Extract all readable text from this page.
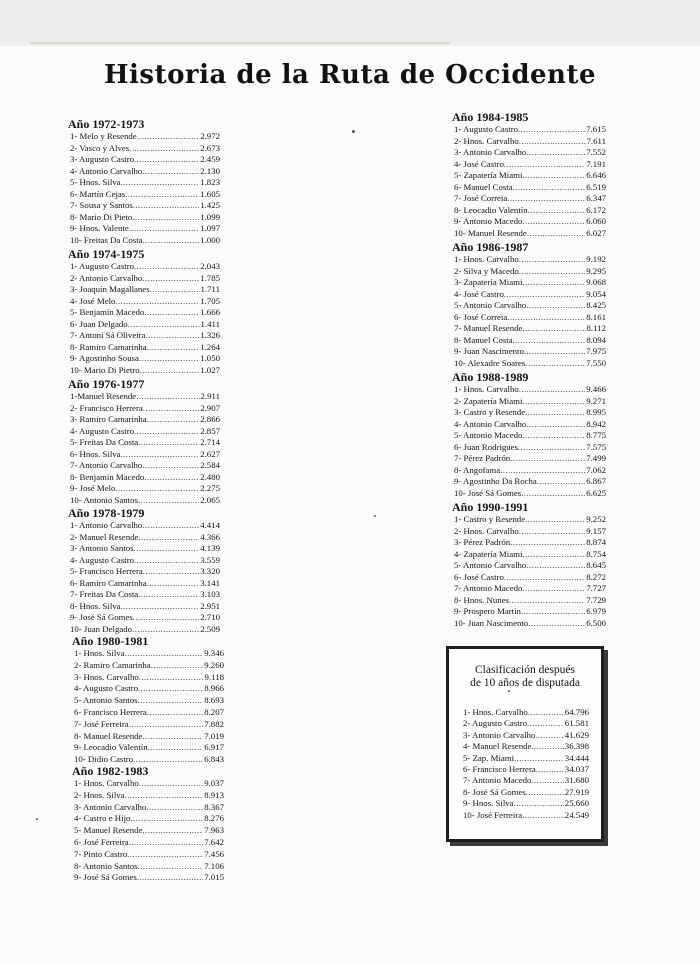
Historia de la Ruta de Occidente
Año 1972-1973
1- Melo y Resende .....	2.972
2- Vasco y Alves .....	2.673
3- Augusto Castro .....	2.459
4- Antonio Carvalho .....	2.130
5- Hnos. Silva .....	1.823
6- Martín Cejas .....	1.605
7- Sousa y Santos .....	1.425
8- Mario Di Pieto .....	1.099
9- Hnos. Valente .....	1.097
10- Freitas Da Costa .....	1.000
Año 1974-1975
1- Augusto Castro .....	2.043
2- Antonio Carvalho .....	1.785
3- Joaquín Magallanes .....	1.711
4- José Melo .....	1.705
5- Benjamín Macedo .....	1.666
6- Juan Delgado .....	1.411
7- Antoni Sá Oliveira .....	1.326
8- Ramiro Camarinha .....	1.264
9- Agostinho Sousa .....	1.050
10- Mario Di Pietro .....	1.027
Año 1976-1977
1-Manuel Resende .....	2.911
2- Francisco Herrera .....	2.907
3- Ramiro Camarinha .....	2.866
4- Augusto Castro .....	2.857
5- Freitas Da Costa .....	2.714
6- Hnos. Silva .....	2.627
7- Antonio Carvalho .....	2.584
8- Benjamin Macedo .....	2.480
9- José Melo .....	2.275
10- Antonio Santos .....	2.065
Año 1978-1979
1- Antonio Carvalho .....	4.414
2- Manuel Resende .....	4.366
3- Antonio Santos .....	4.139
4- Augusto Castro .....	3.559
5- Francisco Herrera .....	3.320
6- Ramiro Camarinha .....	3.141
7- Freitas Da Costa .....	3.103
8- Hnos. Silva .....	2.951
9- José Sá Gomes .....	2.710
10- Juan Delgado .....	2.509
Año 1980-1981
1- Hnos. Silva .....	9.346
2- Ramiro Camarinha .....	9.260
3- Hnos. Carvalho .....	9.118
4- Augusto Castro .....	8.966
5- Antonio Santos .....	8.693
6- Francisco Herrera .....	8.207
7- José Ferreira .....	7.882
8- Manuel Resende .....	7.019
9- Leocadio Valentín .....	6.917
10- Didio Castro .....	6.843
Año 1982-1983
1- Hnos. Carvalho .....	9.037
2- Hnos. Silva .....	8.913
3- Antonio Carvalho .....	8.367
4- Castro e Hijo .....	8.276
5- Manuel Resende .....	7.963
6- José Ferreira .....	7.642
7- Pinto Castro .....	7.456
8- Antonio Santos .....	7.106
9- José Sá Gomes .....	7.015
Año 1984-1985
1- Augusto Castro .....	7.615
2- Hnos. Carvalho .....	7.611
3- Antonio Carvalho .....	7.552
4- José Castro .....	7.191
5- Zapatería Miami .....	6.646
6- Manuel Costa .....	6.519
7- José Correia .....	6.347
8- Leocadio Valentín .....	6.172
9- Antonio Macedo .....	6.060
10- Manuel Resende .....	6.027
Año 1986-1987
1- Hnos. Carvalho .....	9.192
2- Silva y Macedo .....	9.295
3- Zapatería Miami .....	9.068
4- José Castro .....	9.054
5- Antonio Carvalho .....	8.425
6- José Correia .....	8.161
7- Manuel Resende .....	8.112
8- Manuel Costa .....	8.094
9- Juan Nascimento .....	7.975
10- Alexadre Soares .....	7.550
Año 1988-1989
1- Hnos. Carvalho .....	9.466
2- Zapatería Miami .....	9.271
3- Castro y Resende .....	8.995
4- Antonio Carvalho .....	8.942
5- Antonio Macedo .....	8.775
6- Juan Rodrigues .....	7.575
7- Pérez Padrón .....	7.499
8- Angofama .....	7.062
9- Agostinho Da Rocha .....	6.867
10- José Sá Gomes .....	6.625
Año 1990-1991
1- Castro y Resende .....	9.252
2- Hnos. Carvalho .....	9.157
3- Pérez Padrón .....	8.874
4- Zapatería Miami .....	8.754
5- Antonio Carvalho .....	8.645
6- José Castro .....	8.272
7- Antonio Macedo .....	7.727
8- Hnos. Nunes .....	7.729
9- Prospero Martín .....	6.979
10- Juan Nascimento .....	6.500
Clasificación después
de 10 años de disputada
1- Hnos. Carvalho .....	64.796
2- Augusto Castro .....	61.581
3- Antonio Carvalho .....	41.629
4- Manuel Resende .....	36.398
5- Zap. Miami .....	34.444
6- Francisco Herrera .....	34.037
7- Antonio Macedo .....	31.680
8- José Sá Gomes .....	27.919
9- Hnos. Silva .....	25.660
10- José Ferreira .....	24.549
